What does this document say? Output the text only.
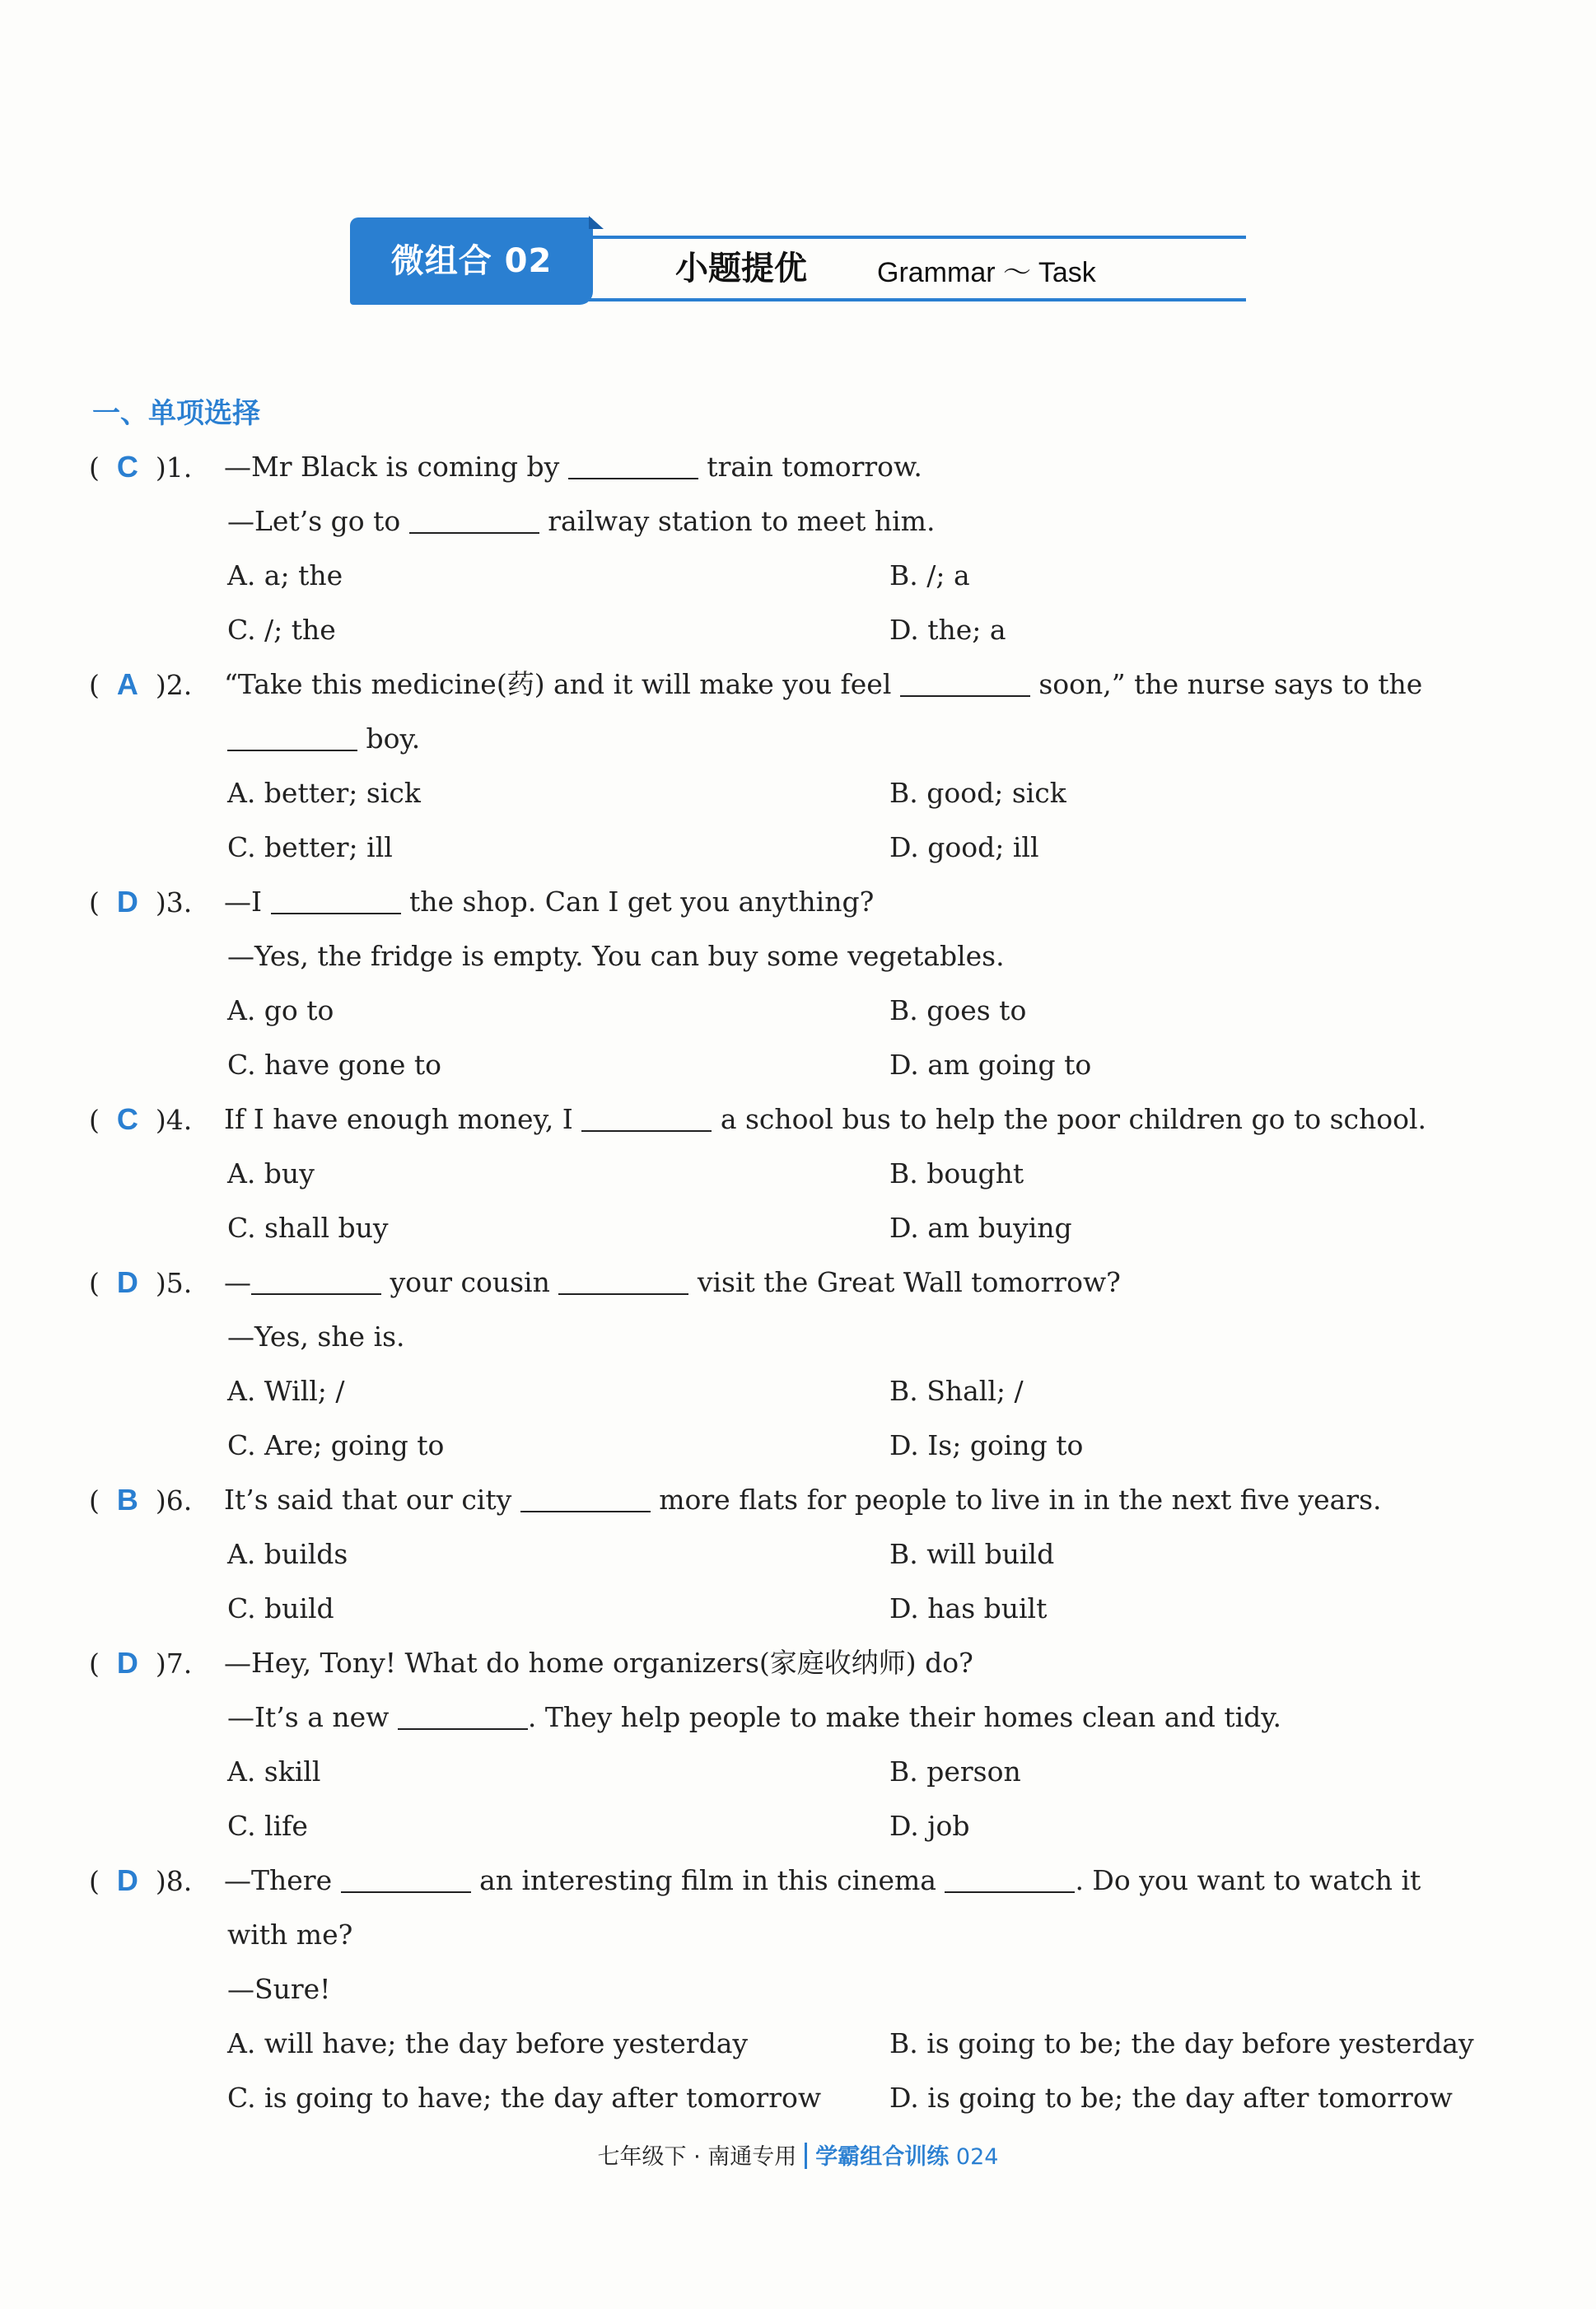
微组合 02	小题提优	Grammar ～ Task
一、单项选择
(  C )1. —Mr Black is coming by	train tomorrow.
—Let’s go to	railway station to meet him.
A. a; the	B. /; a
C. /; the	D. the; a
(  A )2. “Take this medicine(药) and it will make you feel	soon,” the nurse says to the
boy.
A. better; sick	B. good; sick
C. better; ill	D. good; ill
(  D )3. —I	the shop. Can I get you anything?
—Yes, the fridge is empty. You can buy some vegetables.
A. go to	B. goes to
C. have gone to	D. am going to
(  C )4. If I have enough money, I	a school bus to help the poor children go to school.
A. buy	B. bought
C. shall buy	D. am buying
(  D )5. —	your cousin	visit the Great Wall tomorrow?
—Yes, she is.
A. Will; /	B. Shall; /
C. Are; going to	D. Is; going to
(  B )6. It’s said that our city	more flats for people to live in in the next five years.
A. builds	B. will build
C. build	D. has built
(  D )7. —Hey, Tony! What do home organizers(家庭收纳师) do?
—It’s a new	. They help people to make their homes clean and tidy.
A. skill	B. person
C. life	D. job
(  D )8. —There	an interesting film in this cinema	. Do you want to watch it
with me?
—Sure!
A. will have; the day before yesterday	B. is going to be; the day before yesterday
C. is going to have; the day after tomorrow	D. is going to be; the day after tomorrow
七年级下 · 南通专用 学霸组合训练 024
